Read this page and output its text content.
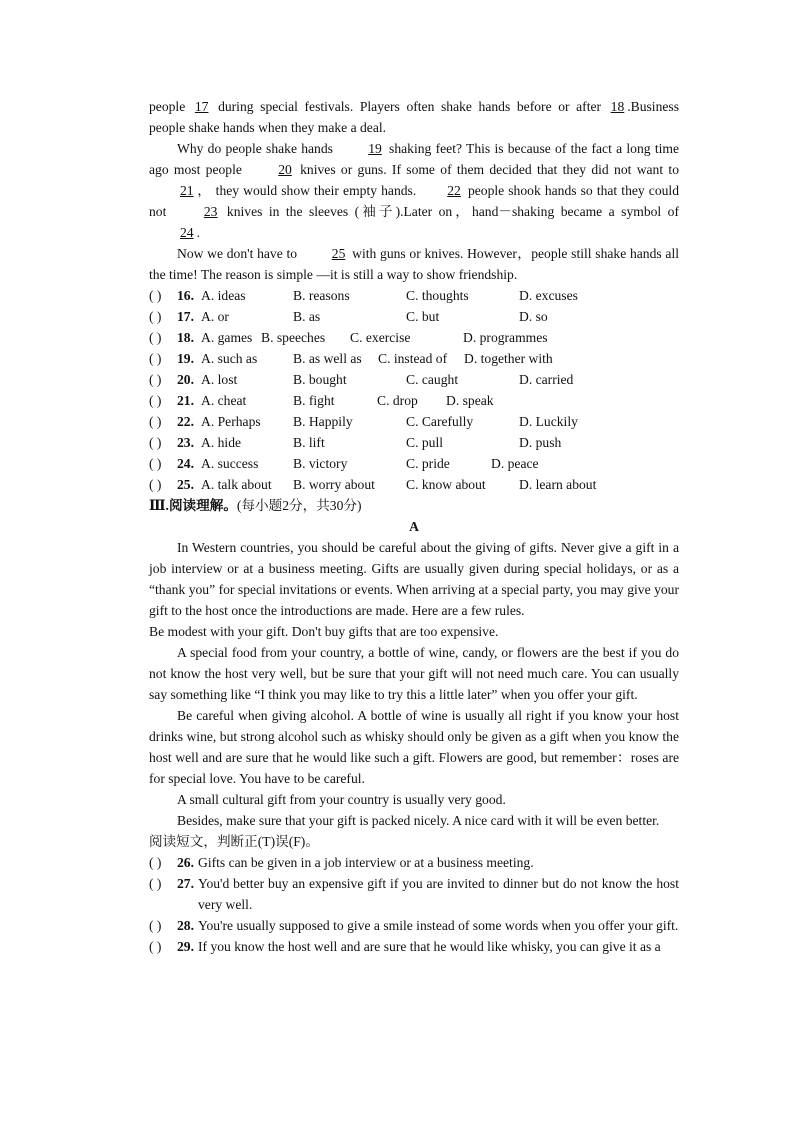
people 17 during special festivals. Players often shake hands before or after 18 .Business people shake hands when they make a deal.

Why do people shake hands 19 shaking feet? This is because of the fact a long time ago most people 20 knives or guns. If some of them decided that they did not want to 21 ， they would show their empty hands. 22 people shook hands so that they could not 23 knives in the sleeves (袖子).Later on，hand－shaking became a symbol of 24 .

Now we don't have to 25 with guns or knives. However，people still shake hands all the time! The reason is simple —it is still a way to show friendship.

( )	16. A. ideas	B. reasons	C. thoughts	D. excuses
( )	17. A. or	B. as	C. but	D. so
( )	18. A. games B. speeches	C. exercise	D. programmes
( )	19. A. such as	B. as well as	C. instead of	D. together with
( )	20. A. lost	B. bought	C. caught	D. carried
( )	21. A. cheat	B. fight	C. drop	D. speak
( )	22. A. Perhaps	B. Happily	C. Carefully	D. Luckily
( )	23. A. hide	B. lift	C. pull	D. push
( )	24. A. success	B. victory	C. pride	D. peace
( )	25. A. talk about	B. worry about	C. know about	D. learn about

Ⅲ.阅读理解。(每小题2分，共30分)

A

In Western countries, you should be careful about the giving of gifts. Never give a gift in a job interview or at a business meeting. Gifts are usually given during special holidays, or as a “thank you” for special invitations or events. When arriving at a special party, you may give your gift to the host once the introductions are made. Here are a few rules.

Be modest with your gift. Don't buy gifts that are too expensive.

A special food from your country, a bottle of wine, candy, or flowers are the best if you do not know the host very well, but be sure that your gift will not need much care. You can usually say something like “I think you may like to try this a little later” when you offer your gift.

Be careful when giving alcohol. A bottle of wine is usually all right if you know your host drinks wine, but strong alcohol such as whisky should only be given as a gift when you know the host well and are sure that he would like such a gift. Flowers are good, but remember：roses are for special love. You have to be careful.

A small cultural gift from your country is usually very good.

Besides, make sure that your gift is packed nicely. A nice card with it will be even better.

阅读短文，判断正(T)误(F)。

( )	26. Gifts can be given in a job interview or at a business meeting.
( )	27. You'd better buy an expensive gift if you are invited to dinner but do not know the host very well.
( )	28. You're usually supposed to give a smile instead of some words when you offer your gift.
( )	29. If you know the host well and are sure that he would like whisky, you can give it as a
